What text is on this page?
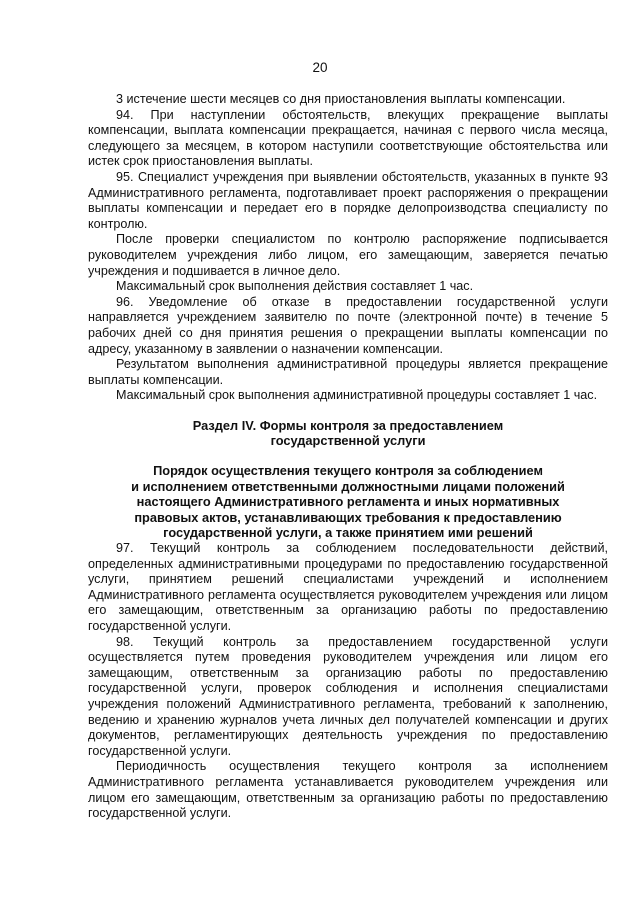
20

3 истечение шести месяцев со дня приостановления выплаты компенсации.

94. При наступлении обстоятельств, влекущих прекращение выплаты компенсации, выплата компенсации прекращается, начиная с первого числа месяца, следующего за месяцем, в котором наступили соответствующие обстоятельства или истек срок приостановления выплаты.

95. Специалист учреждения при выявлении обстоятельств, указанных в пункте 93 Административного регламента, подготавливает проект распоряжения о прекращении выплаты компенсации и передает его в порядке делопроизводства специалисту по контролю.

После проверки специалистом по контролю распоряжение подписывается руководителем учреждения либо лицом, его замещающим, заверяется печатью учреждения и подшивается в личное дело.

Максимальный срок выполнения действия составляет 1 час.

96. Уведомление об отказе в предоставлении государственной услуги направляется учреждением заявителю по почте (электронной почте) в течение 5 рабочих дней со дня принятия решения о прекращении выплаты компенсации по адресу, указанному в заявлении о назначении компенсации.

Результатом выполнения административной процедуры является прекращение выплаты компенсации.

Максимальный срок выполнения административной процедуры составляет 1 час.

Раздел IV. Формы контроля за предоставлением
государственной услуги

Порядок осуществления текущего контроля за соблюдением
и исполнением ответственными должностными лицами положений
настоящего Административного регламента и иных нормативных
правовых актов, устанавливающих требования к предоставлению
государственной услуги, а также принятием ими решений

97. Текущий контроль за соблюдением последовательности действий, определенных административными процедурами по предоставлению государственной услуги, принятием решений специалистами учреждений и исполнением Административного регламента осуществляется руководителем учреждения или лицом его замещающим, ответственным за организацию работы по предоставлению государственной услуги.

98. Текущий контроль за предоставлением государственной услуги осуществляется путем проведения руководителем учреждения или лицом его замещающим, ответственным за организацию работы по предоставлению государственной услуги, проверок соблюдения и исполнения специалистами учреждения положений Административного регламента, требований к заполнению, ведению и хранению журналов учета личных дел получателей компенсации и других документов, регламентирующих деятельность учреждения по предоставлению государственной услуги.

Периодичность осуществления текущего контроля за исполнением Административного регламента устанавливается руководителем учреждения или лицом его замещающим, ответственным за организацию работы по предоставлению государственной услуги.
